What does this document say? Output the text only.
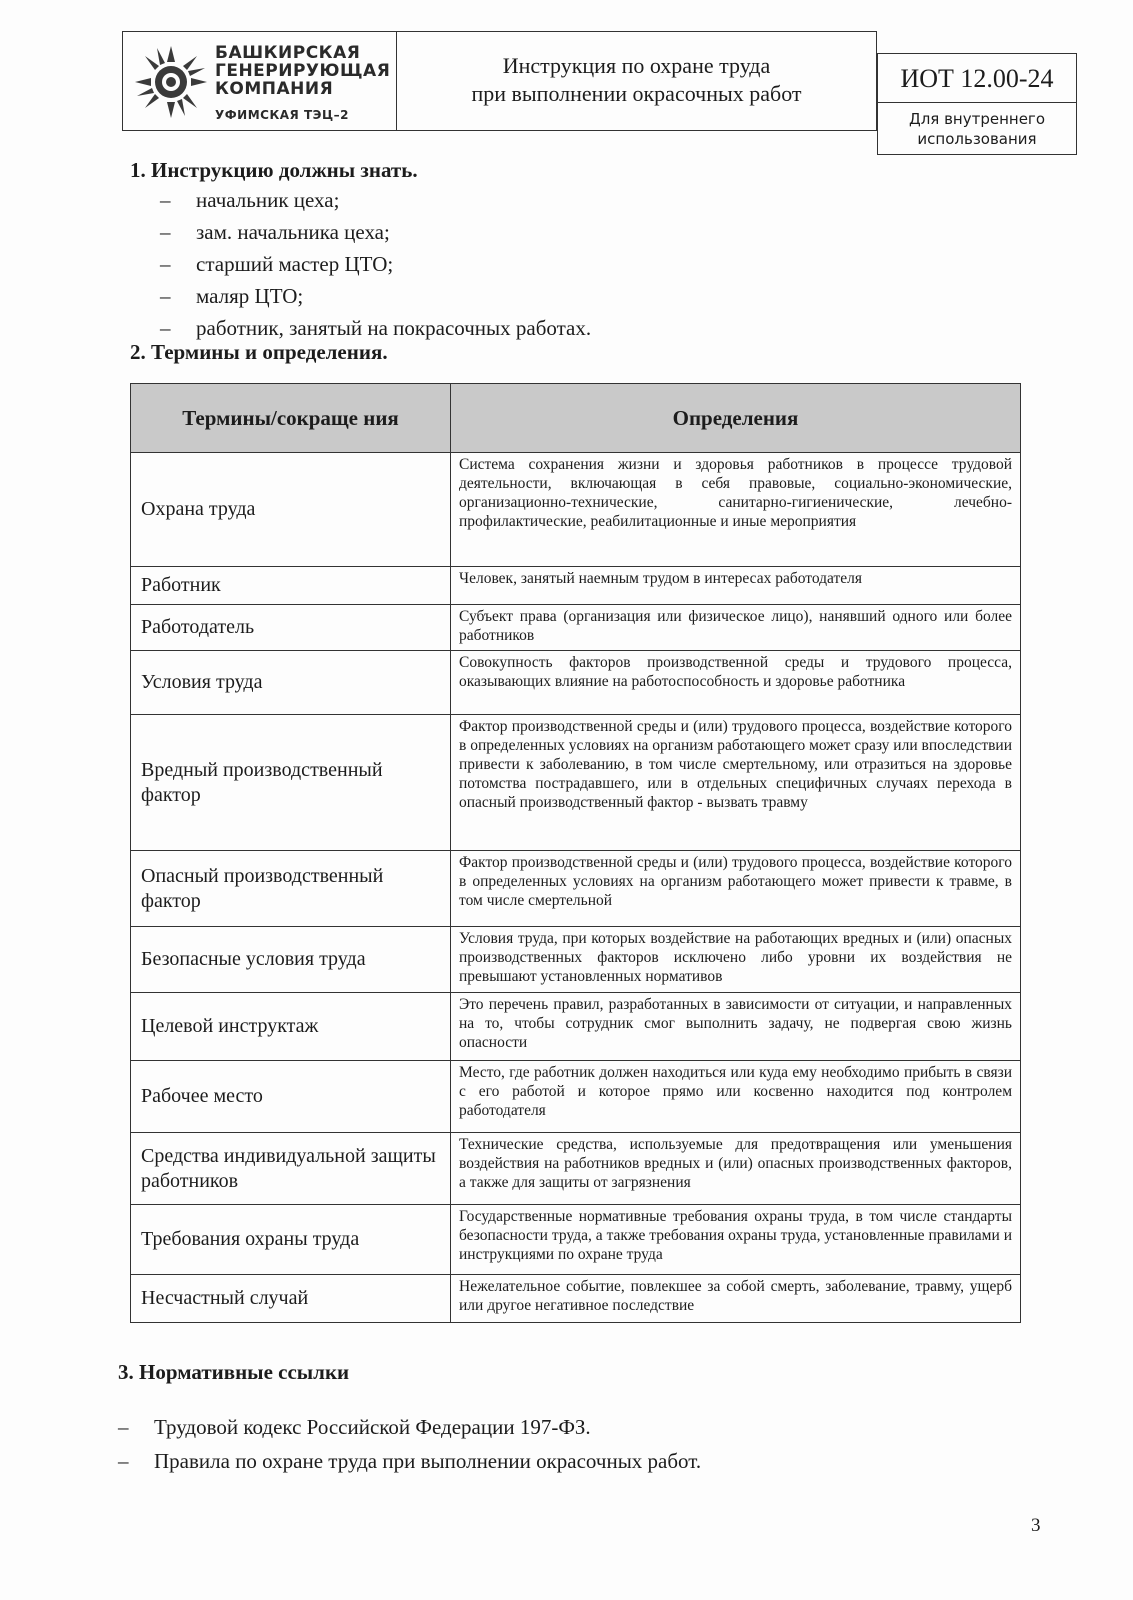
БАШКИРСКАЯ
ГЕНЕРИРУЮЩАЯ
КОМПАНИЯ
УФИМСКАЯ ТЭЦ–2
Инструкция по охране труда
при выполнении окрасочных работ
ИОТ 12.00-24
Для внутреннего использования
1. Инструкцию должны знать.
– начальник цеха;
– зам. начальника цеха;
– старший мастер ЦТО;
– маляр ЦТО;
– работник, занятый на покрасочных работах.
2. Термины и определения.
Термины/сокраще ния	Определения
Охрана труда	Система сохранения жизни и здоровья работников в процессе трудовой деятельности, включающая в себя правовые, социально-экономические, организационно-технические, санитарно-гигиенические, лечебно-профилактические, реабилитационные и иные мероприятия
Работник	Человек, занятый наемным трудом в интересах работодателя
Работодатель	Субъект права (организация или физическое лицо), нанявший одного или более работников
Условия труда	Совокупность факторов производственной среды и трудового процесса, оказывающих влияние на работоспособность и здоровье работника
Вредный производственный фактор	Фактор производственной среды и (или) трудового процесса, воздействие которого в определенных условиях на организм работающего может сразу или впоследствии привести к заболеванию, в том числе смертельному, или отразиться на здоровье потомства пострадавшего, или в отдельных специфичных случаях перехода в опасный производственный фактор - вызвать травму
Опасный производственный фактор	Фактор производственной среды и (или) трудового процесса, воздействие которого в определенных условиях на организм работающего может привести к травме, в том числе смертельной
Безопасные условия труда	Условия труда, при которых воздействие на работающих вредных и (или) опасных производственных факторов исключено либо уровни их воздействия не превышают установленных нормативов
Целевой инструктаж	Это перечень правил, разработанных в зависимости от ситуации, и направленных на то, чтобы сотрудник смог выполнить задачу, не подвергая свою жизнь опасности
Рабочее место	Место, где работник должен находиться или куда ему необходимо прибыть в связи с его работой и которое прямо или косвенно находится под контролем работодателя
Средства индивидуальной защиты работников	Технические средства, используемые для предотвращения или уменьшения воздействия на работников вредных и (или) опасных производственных факторов, а также для защиты от загрязнения
Требования охраны труда	Государственные нормативные требования охраны труда, в том числе стандарты безопасности труда, а также требования охраны труда, установленные правилами и инструкциями по охране труда
Несчастный случай	Нежелательное событие, повлекшее за собой смерть, заболевание, травму, ущерб или другое негативное последствие
3. Нормативные ссылки
– Трудовой кодекс Российской Федерации 197-ФЗ.
– Правила по охране труда при выполнении окрасочных работ.
3
